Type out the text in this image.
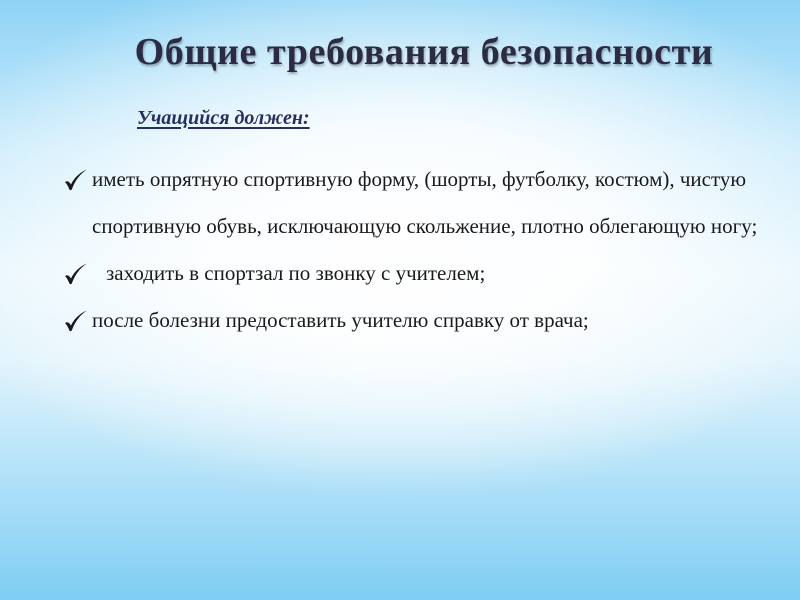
Общие требования безопасности
Учащийся должен:
иметь опрятную спортивную форму, (шорты, футболку, костюм), чистую спортивную обувь, исключающую скольжение, плотно облегающую ногу;
заходить в спортзал по звонку с учителем;
после болезни предоставить учителю справку от врача;
